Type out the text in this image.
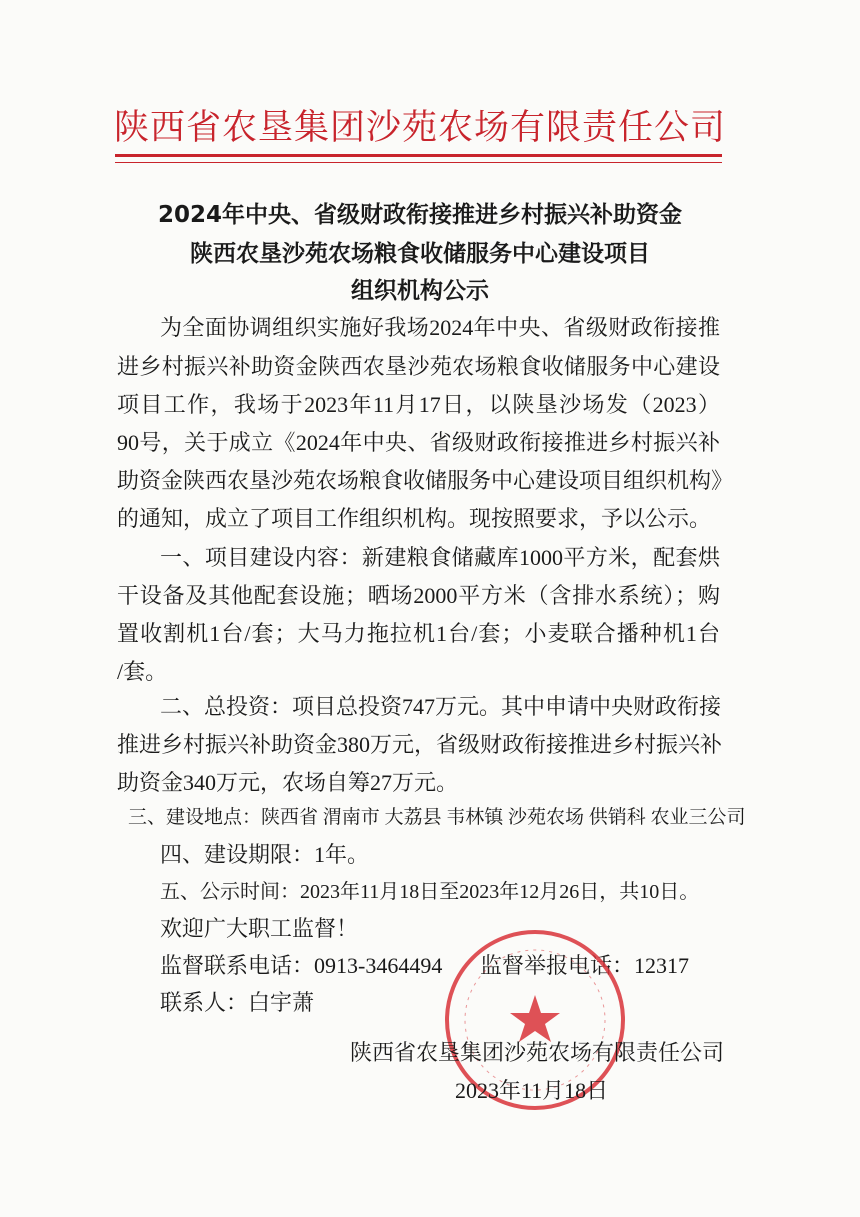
陕西省农垦集团沙苑农场有限责任公司
2024年中央、省级财政衔接推进乡村振兴补助资金
陕西农垦沙苑农场粮食收储服务中心建设项目
组织机构公示
为全面协调组织实施好我场2024年中央、省级财政衔接推
进乡村振兴补助资金陕西农垦沙苑农场粮食收储服务中心建设
项目工作，我场于2023年11月17日，以陕垦沙场发（2023）
90号，关于成立《2024年中央、省级财政衔接推进乡村振兴补
助资金陕西农垦沙苑农场粮食收储服务中心建设项目组织机构》
的通知，成立了项目工作组织机构。现按照要求，予以公示。
一、项目建设内容：新建粮食储藏库1000平方米，配套烘
干设备及其他配套设施；晒场2000平方米（含排水系统）；购
置收割机1台/套；大马力拖拉机1台/套；小麦联合播种机1台
/套。
二、总投资：项目总投资747万元。其中申请中央财政衔接
推进乡村振兴补助资金380万元，省级财政衔接推进乡村振兴补
助资金340万元，农场自筹27万元。
三、建设地点：陕西省 渭南市 大荔县 韦林镇 沙苑农场 供销科 农业三公司
四、建设期限：1年。
五、公示时间：2023年11月18日至2023年12月26日，共10日。
欢迎广大职工监督！
监督联系电话：0913-3464494 监督举报电话：12317
联系人：白宇萧
陕西省农垦集团沙苑农场有限责任公司
2023年11月18日
